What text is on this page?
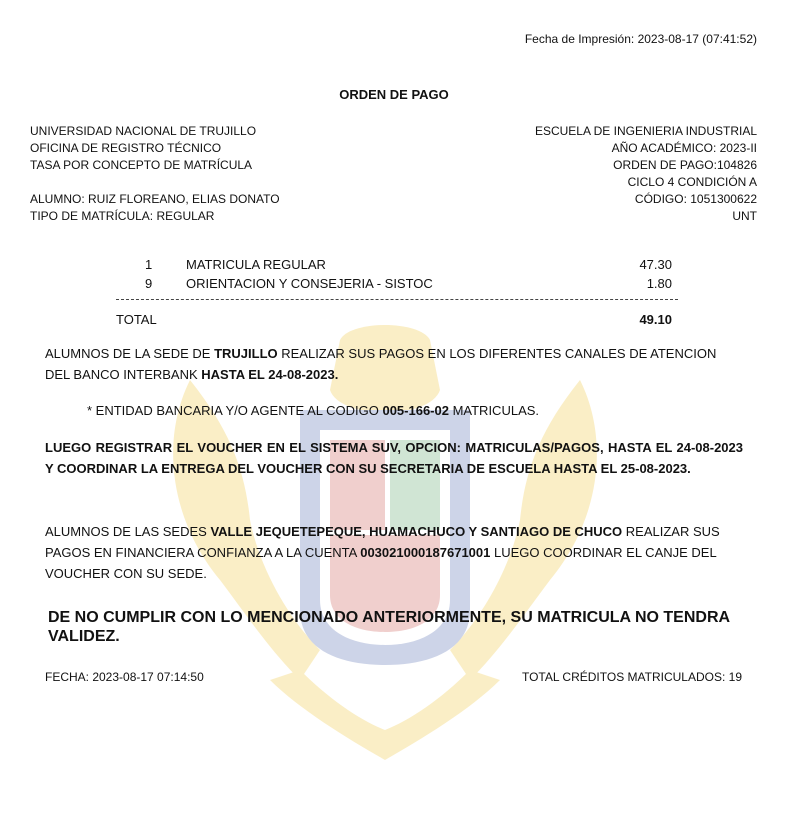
Fecha de Impresión: 2023-08-17 (07:41:52)
ORDEN DE PAGO
UNIVERSIDAD NACIONAL DE TRUJILLO
OFICINA DE REGISTRO TÉCNICO
TASA POR CONCEPTO DE MATRÍCULA
ALUMNO: RUIZ FLOREANO, ELIAS DONATO
TIPO DE MATRÍCULA: REGULAR
ESCUELA DE INGENIERIA INDUSTRIAL
AÑO ACADÉMICO: 2023-II
ORDEN DE PAGO:104826
CICLO 4 CONDICIÓN A
CÓDIGO: 1051300622
UNT
1	MATRICULA REGULAR	47.30
9	ORIENTACION Y CONSEJERIA - SISTOC	1.80
TOTAL	49.10
ALUMNOS DE LA SEDE DE TRUJILLO REALIZAR SUS PAGOS EN LOS DIFERENTES CANALES DE ATENCION DEL BANCO INTERBANK HASTA EL 24-08-2023.
* ENTIDAD BANCARIA Y/O AGENTE AL CODIGO 005-166-02 MATRICULAS.
LUEGO REGISTRAR EL VOUCHER EN EL SISTEMA SUV, OPCION: MATRICULAS/PAGOS, HASTA EL 24-08-2023 Y COORDINAR LA ENTREGA DEL VOUCHER CON SU SECRETARIA DE ESCUELA HASTA EL 25-08-2023.
ALUMNOS DE LAS SEDES VALLE JEQUETEPEQUE, HUAMACHUCO Y SANTIAGO DE CHUCO REALIZAR SUS PAGOS EN FINANCIERA CONFIANZA A LA CUENTA 003021000187671001 LUEGO COORDINAR EL CANJE DEL VOUCHER CON SU SEDE.
DE NO CUMPLIR CON LO MENCIONADO ANTERIORMENTE, SU MATRICULA NO TENDRA VALIDEZ.
FECHA: 2023-08-17 07:14:50	TOTAL CRÉDITOS MATRICULADOS: 19
